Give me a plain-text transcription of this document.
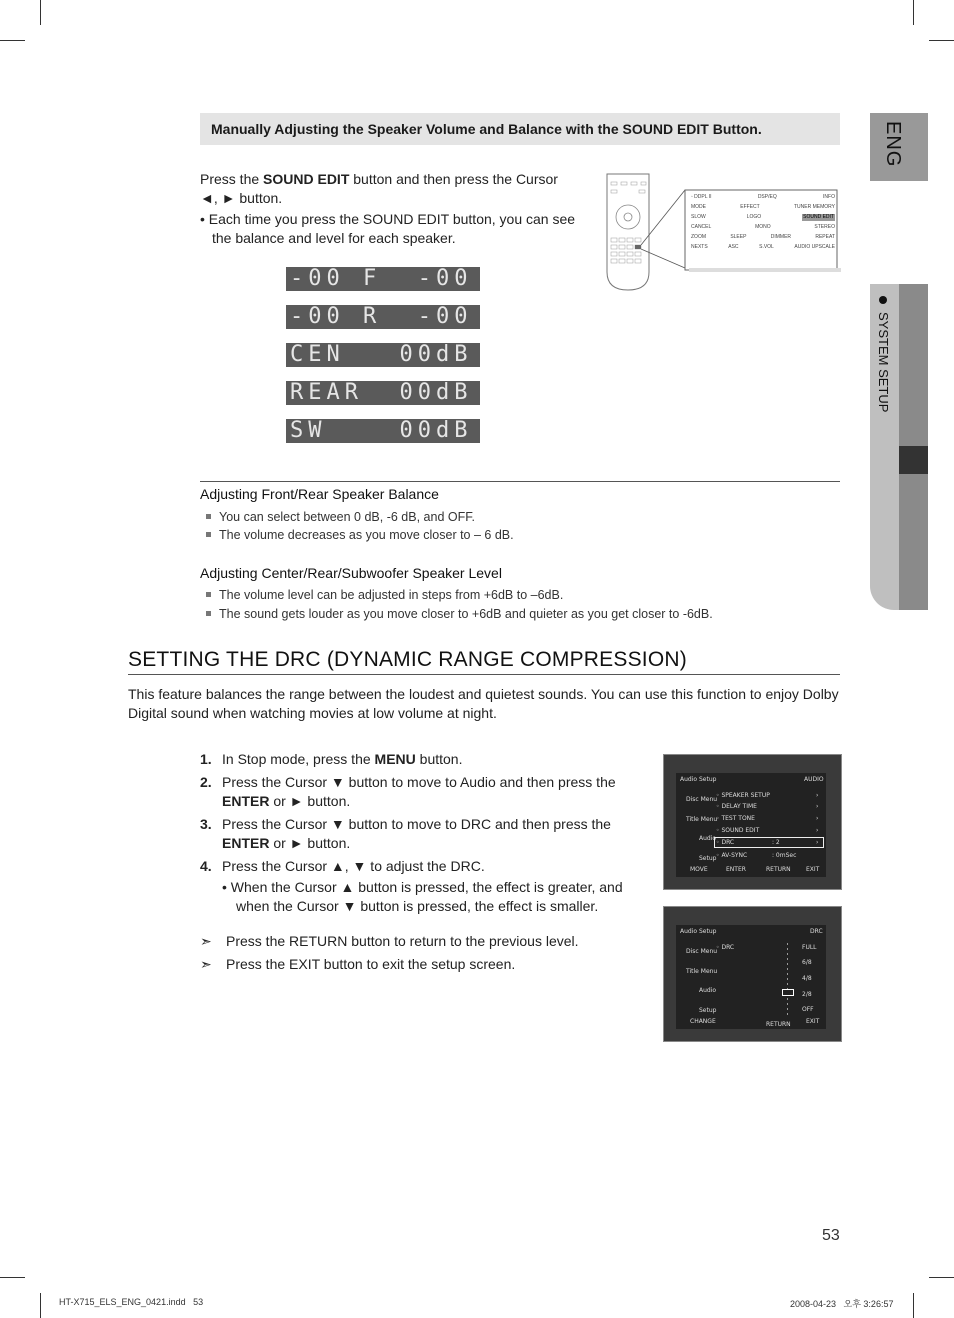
Manually Adjusting the Speaker Volume and Balance with the SOUND EDIT Button.
Press the SOUND EDIT button and then press the Cursor
◄, ► button.
• Each time you press the SOUND EDIT button, you can see
the balance and level for each speaker.
-00 F  -00
-00 R  -00
CEN   00dB
REAR  00dB
SW    00dB
◦ DDPL II	DSP/EQ	INFO
MODE	EFFECT	TUNER MEMORY
SLOW	LOGO	SOUND EDIT
CANCEL	MONO	STEREO
ZOOM	SLEEP	DIMMER	REPEAT
NEXTS	ASC	S.VOL	AUDIO UPSCALE
Adjusting Front/Rear Speaker Balance
You can select between 0 dB, -6 dB, and OFF.
The volume decreases as you move closer to – 6 dB.
Adjusting Center/Rear/Subwoofer Speaker Level
The volume level can be adjusted in steps from +6dB to –6dB.
The sound gets louder as you move closer to +6dB and quieter as you get closer to -6dB.
SETTING THE DRC (DYNAMIC RANGE COMPRESSION)
This feature balances the range between the loudest and quietest sounds. You can use this function to enjoy Dolby
Digital sound when watching movies at low volume at night.
1. In Stop mode, press the MENU button.
2. Press the Cursor ▼ button to move to Audio and then press the
ENTER or ► button.
3. Press the Cursor ▼ button to move to DRC and then press the
ENTER or ► button.
4. Press the Cursor ▲, ▼ to adjust the DRC.
• When the Cursor ▲ button is pressed, the effect is greater, and
when the Cursor ▼ button is pressed, the effect is smaller.
➣ Press the RETURN button to return to the previous level.
➣ Press the EXIT button to exit the setup screen.
Audio Setup	AUDIO
Disc Menu
Title Menu
Audio
Setup
◦ SPEAKER SETUP	›
◦ DELAY TIME	›
◦ TEST TONE	›
◦ SOUND EDIT	›
◦ DRC	: 2	›
◦ AV-SYNC	: 0mSec
MOVE	ENTER	RETURN	EXIT
Audio Setup	DRC
Disc Menu
Title Menu
Audio
Setup
◦ DRC	FULL
6/8
4/8
2/8
OFF
CHANGE	RETURN	EXIT
ENG
SYSTEM SETUP
53
HT-X715_ELS_ENG_0421.indd   53	2008-04-23   오후 3:26:57
